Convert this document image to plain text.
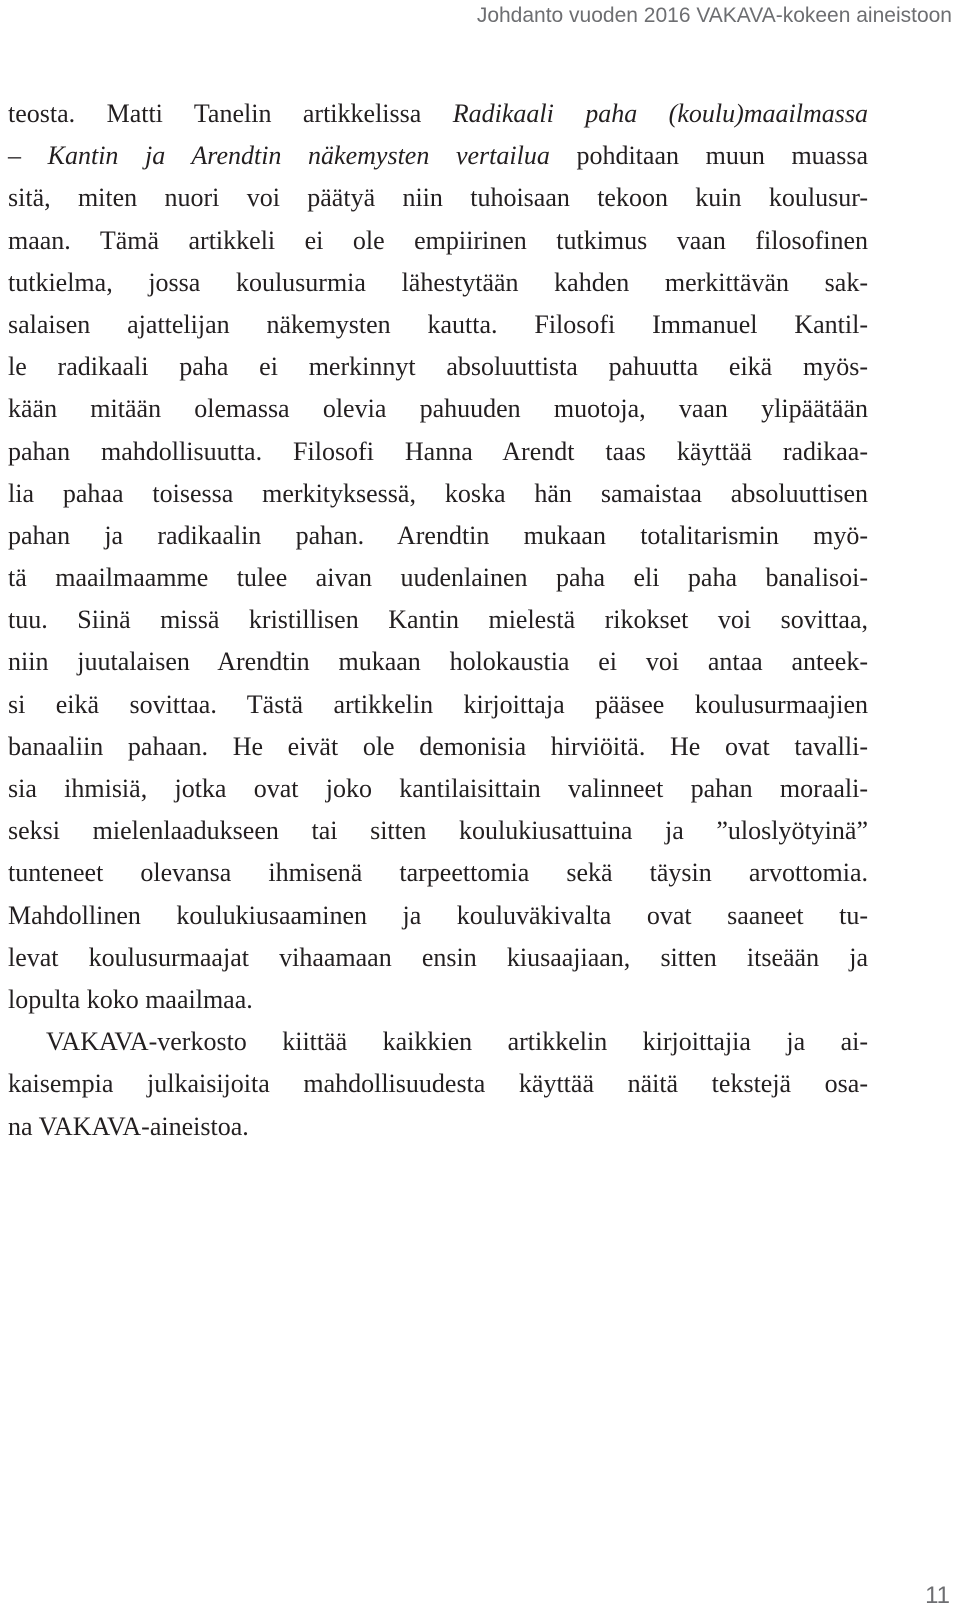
Johdanto vuoden 2016 VAKAVA-kokeen aineistoon
teosta. Matti Tanelin artikkelissa Radikaali paha (koulu)maailmassa
– Kantin ja Arendtin näkemysten vertailua pohditaan muun muassa
sitä, miten nuori voi päätyä niin tuhoisaan tekoon kuin koulusur-
maan. Tämä artikkeli ei ole empiirinen tutkimus vaan filosofinen
tutkielma, jossa koulusurmia lähestytään kahden merkittävän sak-
salaisen ajattelijan näkemysten kautta. Filosofi Immanuel Kantil-
le radikaali paha ei merkinnyt absoluuttista pahuutta eikä myös-
kään mitään olemassa olevia pahuuden muotoja, vaan ylipäätään
pahan mahdollisuutta. Filosofi Hanna Arendt taas käyttää radikaa-
lia pahaa toisessa merkityksessä, koska hän samaistaa absoluuttisen
pahan ja radikaalin pahan. Arendtin mukaan totalitarismin myö-
tä maailmaamme tulee aivan uudenlainen paha eli paha banalisoi-
tuu. Siinä missä kristillisen Kantin mielestä rikokset voi sovittaa,
niin juutalaisen Arendtin mukaan holokaustia ei voi antaa anteek-
si eikä sovittaa. Tästä artikkelin kirjoittaja pääsee koulusurmaajien
banaaliin pahaan. He eivät ole demonisia hirviöitä. He ovat tavalli-
sia ihmisiä, jotka ovat joko kantilaisittain valinneet pahan moraali-
seksi mielenlaadukseen tai sitten koulukiusattuina ja ”uloslyötyinä”
tunteneet olevansa ihmisenä tarpeettomia sekä täysin arvottomia.
Mahdollinen koulukiusaaminen ja kouluväkivalta ovat saaneet tu-
levat koulusurmaajat vihaamaan ensin kiusaajiaan, sitten itseään ja
lopulta koko maailmaa.
VAKAVA-verkosto kiittää kaikkien artikkelin kirjoittajia ja ai-
kaisempia julkaisijoita mahdollisuudesta käyttää näitä tekstejä osa-
na VAKAVA-aineistoa.
11
